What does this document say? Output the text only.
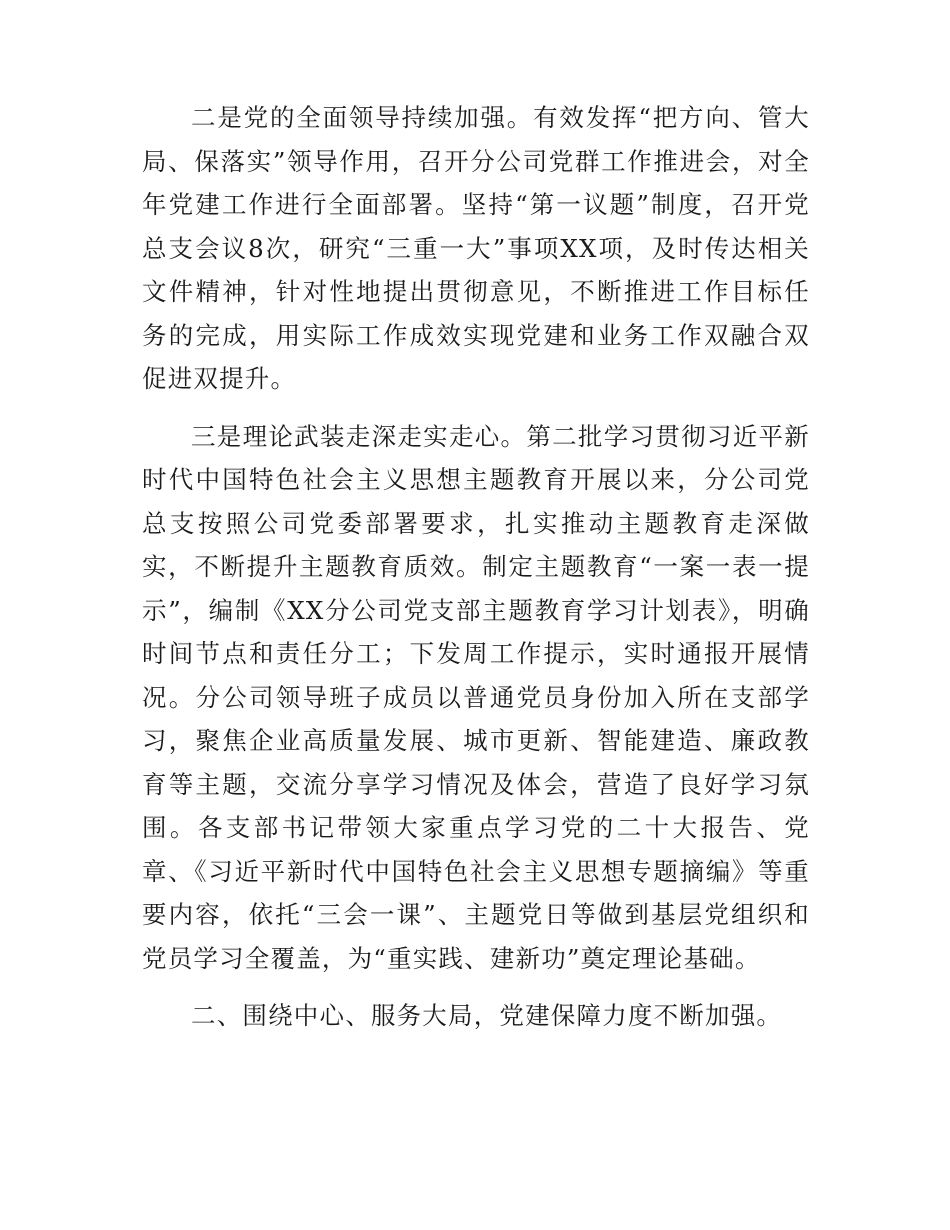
二是党的全面领导持续加强。有效发挥“把方向、管大局、保落实”领导作用，召开分公司党群工作推进会，对全年党建工作进行全面部署。坚持“第一议题”制度，召开党总支会议8次，研究“三重一大”事项XX项，及时传达相关文件精神，针对性地提出贯彻意见，不断推进工作目标任务的完成，用实际工作成效实现党建和业务工作双融合双促进双提升。

三是理论武装走深走实走心。第二批学习贯彻习近平新时代中国特色社会主义思想主题教育开展以来，分公司党总支按照公司党委部署要求，扎实推动主题教育走深做实，不断提升主题教育质效。制定主题教育“一案一表一提示”，编制《XX分公司党支部主题教育学习计划表》，明确时间节点和责任分工；下发周工作提示，实时通报开展情况。分公司领导班子成员以普通党员身份加入所在支部学习，聚焦企业高质量发展、城市更新、智能建造、廉政教育等主题，交流分享学习情况及体会，营造了良好学习氛围。各支部书记带领大家重点学习党的二十大报告、党章、《习近平新时代中国特色社会主义思想专题摘编》等重要内容，依托“三会一课”、主题党日等做到基层党组织和党员学习全覆盖，为“重实践、建新功”奠定理论基础。

二、围绕中心、服务大局，党建保障力度不断加强。
